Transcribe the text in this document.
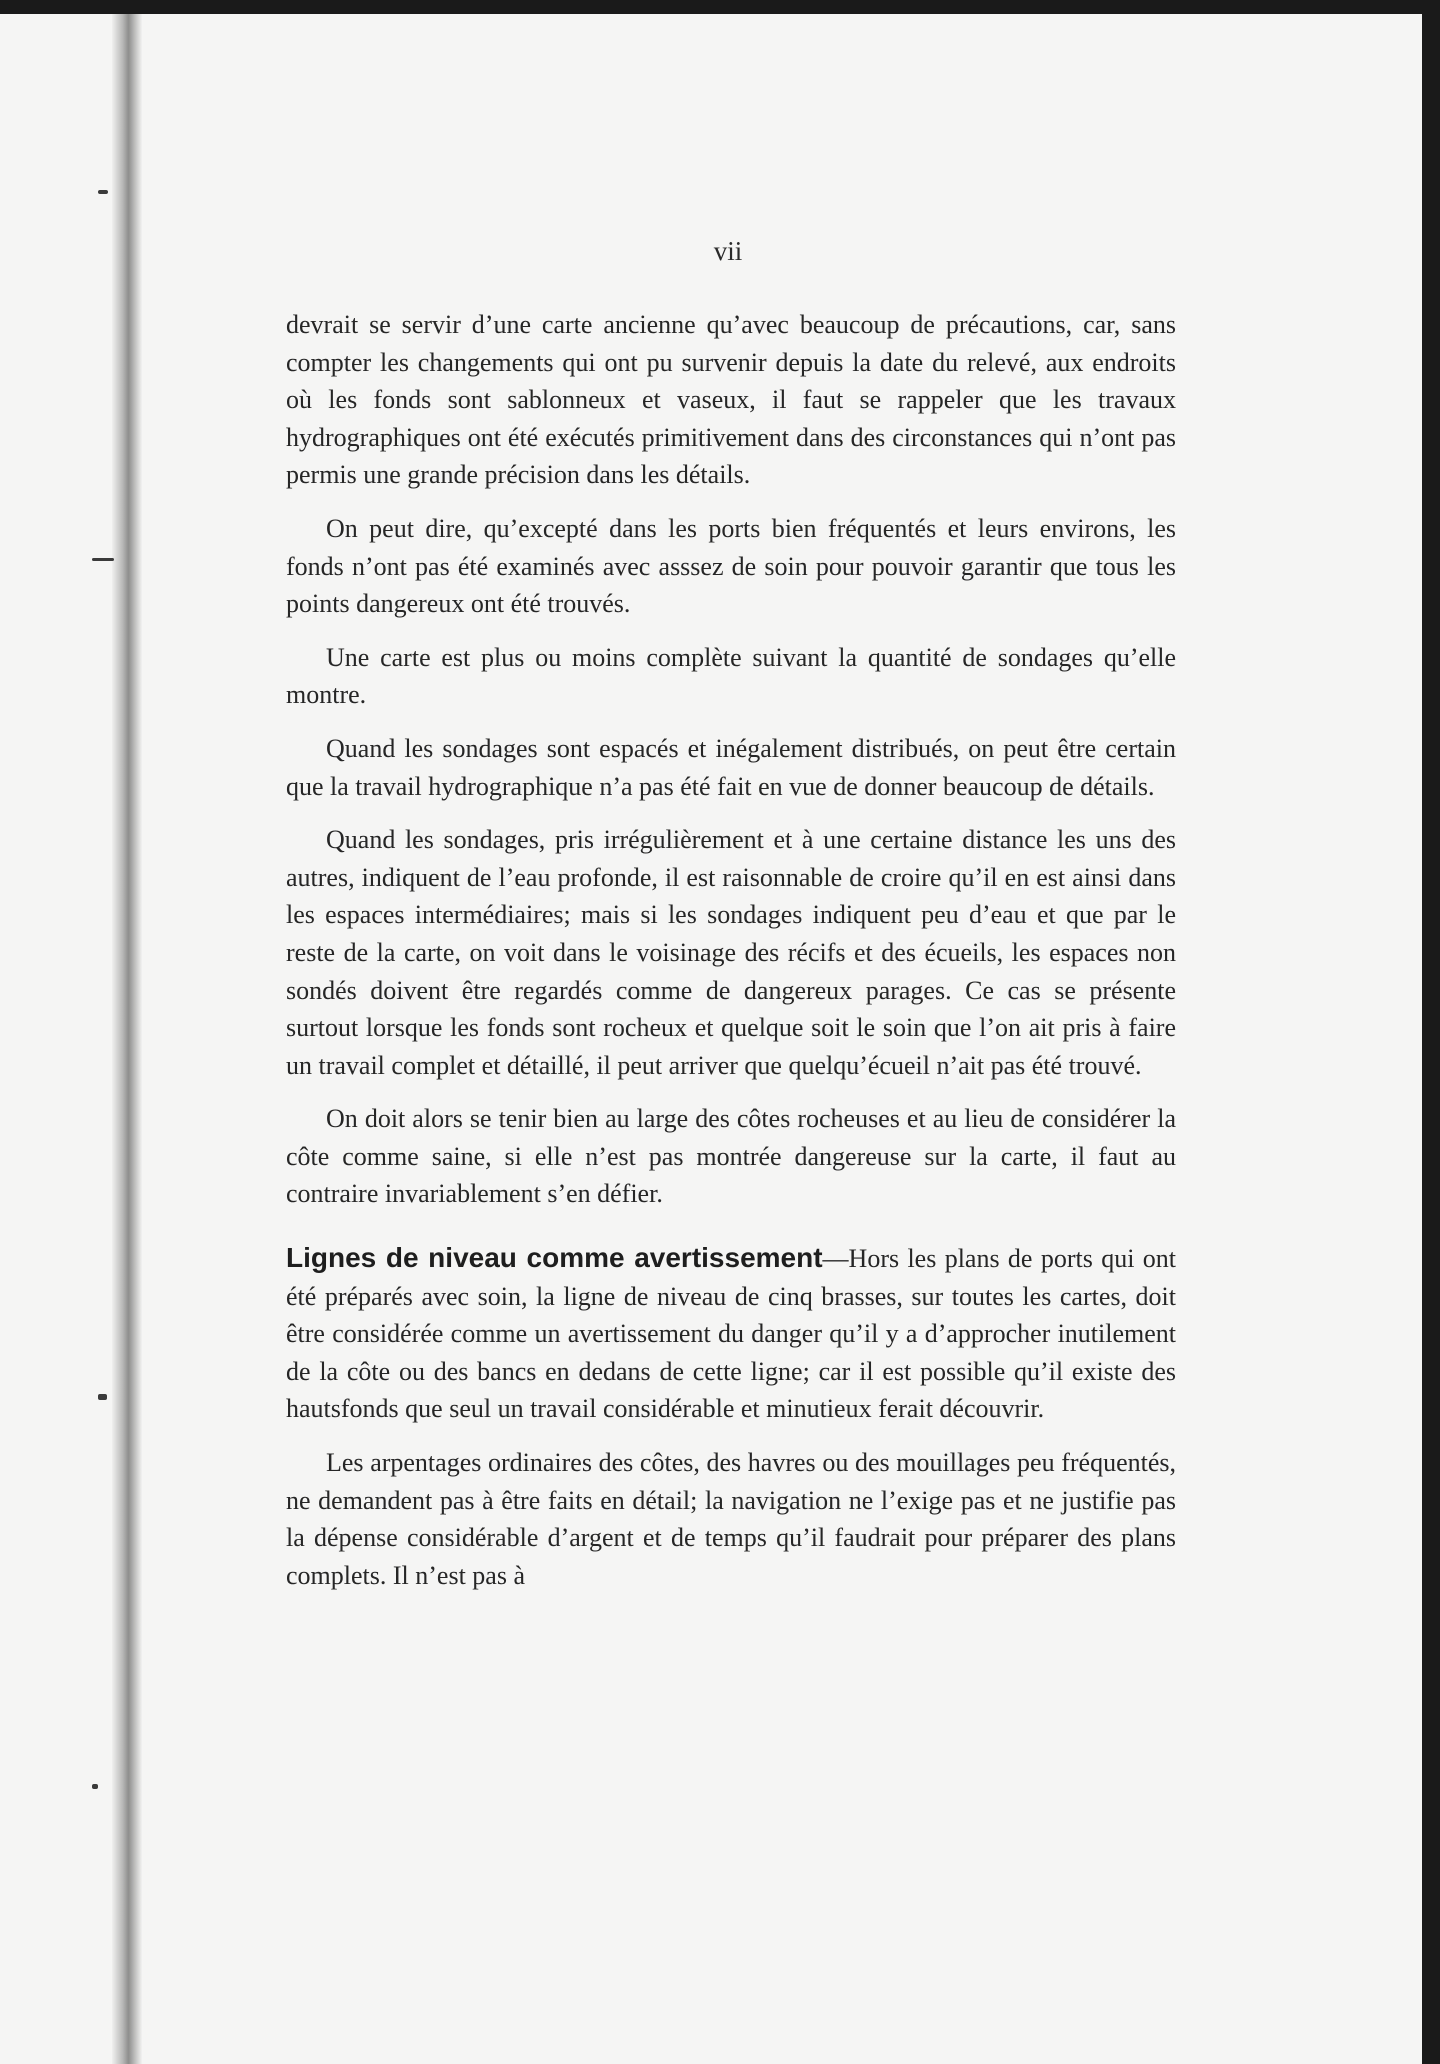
vii

devrait se servir d’une carte ancienne qu’avec beaucoup de précautions, car, sans compter les changements qui ont pu survenir depuis la date du relevé, aux endroits où les fonds sont sablonneux et vaseux, il faut se rappeler que les travaux hydrographiques ont été exécutés primitivement dans des circonstances qui n’ont pas permis une grande précision dans les détails.

On peut dire, qu’excepté dans les ports bien fréquentés et leurs environs, les fonds n’ont pas été examinés avec asssez de soin pour pouvoir garantir que tous les points dangereux ont été trouvés.

Une carte est plus ou moins complète suivant la quantité de sondages qu’elle montre.

Quand les sondages sont espacés et inégalement distribués, on peut être certain que la travail hydrographique n’a pas été fait en vue de donner beaucoup de détails.

Quand les sondages, pris irrégulièrement et à une certaine distance les uns des autres, indiquent de l’eau profonde, il est raisonnable de croire qu’il en est ainsi dans les espaces intermédiaires; mais si les sondages indiquent peu d’eau et que par le reste de la carte, on voit dans le voisinage des récifs et des écueils, les espaces non sondés doivent être regardés comme de dangereux parages. Ce cas se présente surtout lorsque les fonds sont rocheux et quelque soit le soin que l’on ait pris à faire un travail complet et détaillé, il peut arriver que quelqu’écueil n’ait pas été trouvé.

On doit alors se tenir bien au large des côtes rocheuses et au lieu de considérer la côte comme saine, si elle n’est pas montrée dangereuse sur la carte, il faut au contraire invariablement s’en défier.

Lignes de niveau comme avertissement—Hors les plans de ports qui ont été préparés avec soin, la ligne de niveau de cinq brasses, sur toutes les cartes, doit être considérée comme un avertissement du danger qu’il y a d’approcher inutilement de la côte ou des bancs en dedans de cette ligne; car il est possible qu’il existe des hautsfonds que seul un travail considérable et minutieux ferait découvrir.

Les arpentages ordinaires des côtes, des havres ou des mouillages peu fréquentés, ne demandent pas à être faits en détail; la navigation ne l’exige pas et ne justifie pas la dépense considérable d’argent et de temps qu’il faudrait pour préparer des plans complets. Il n’est pas à
